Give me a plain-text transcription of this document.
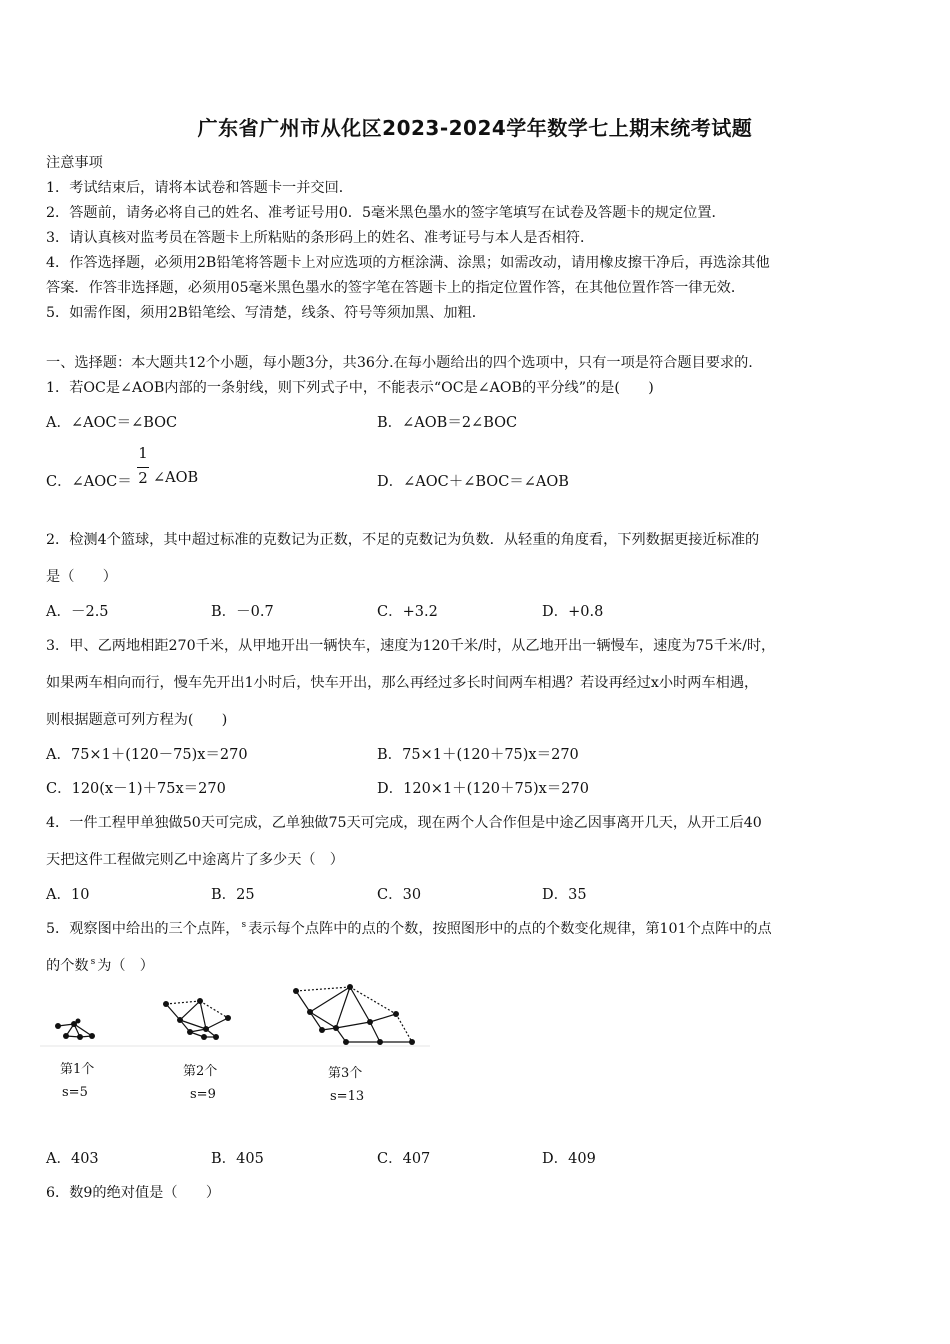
广东省广州市从化区2023-2024学年数学七上期末统考试题
注意事项
1．考试结束后，请将本试卷和答题卡一并交回．
2．答题前，请务必将自己的姓名、准考证号用0．5毫米黑色墨水的签字笔填写在试卷及答题卡的规定位置．
3．请认真核对监考员在答题卡上所粘贴的条形码上的姓名、准考证号与本人是否相符．
4．作答选择题，必须用2B铅笔将答题卡上对应选项的方框涂满、涂黑；如需改动，请用橡皮擦干净后，再选涂其他
答案．作答非选择题，必须用05毫米黑色墨水的签字笔在答题卡上的指定位置作答，在其他位置作答一律无效．
5．如需作图，须用2B铅笔绘、写清楚，线条、符号等须加黑、加粗．
一、选择题：本大题共12个小题，每小题3分，共36分.在每小题给出的四个选项中，只有一项是符合题目要求的.
1．若OC是∠AOB内部的一条射线，则下列式子中，不能表示“OC是∠AOB的平分线”的是(　　)
A．∠AOC＝∠BOC	B．∠AOB＝2∠BOC
C．∠AOC＝
1
2 ∠AOB	D．∠AOC＋∠BOC＝∠AOB
2．检测4个篮球，其中超过标准的克数记为正数，不足的克数记为负数．从轻重的角度看，下列数据更接近标准的
是（　　）
A．－2.5	B．－0.7	C．+3.2	D．+0.8
3．甲、乙两地相距270千米，从甲地开出一辆快车，速度为120千米/时，从乙地开出一辆慢车，速度为75千米/时，
如果两车相向而行，慢车先开出1小时后，快车开出，那么再经过多长时间两车相遇？若设再经过x小时两车相遇，
则根据题意可列方程为(　　)
A．75×1＋(120－75)x＝270	B．75×1＋(120＋75)x＝270
C．120(x－1)＋75x＝270	D．120×1＋(120＋75)x＝270
4．一件工程甲单独做50天可完成，乙单独做75天可完成，现在两个人合作但是中途乙因事离开几天，从开工后40
天把这件工程做完则乙中途离片了多少天（　）
A．10	B．25	C．30	D．35
5．观察图中给出的三个点阵， $^s$ 表示每个点阵中的点的个数，按照图形中的点的个数变化规律，第101个点阵中的点
的个数 $^s$ 为（　）
第1个
s=5
第2个
s=9
第3个
s=13
A．403	B．405	C．407	D．409
6．数9的绝对值是（　　）
